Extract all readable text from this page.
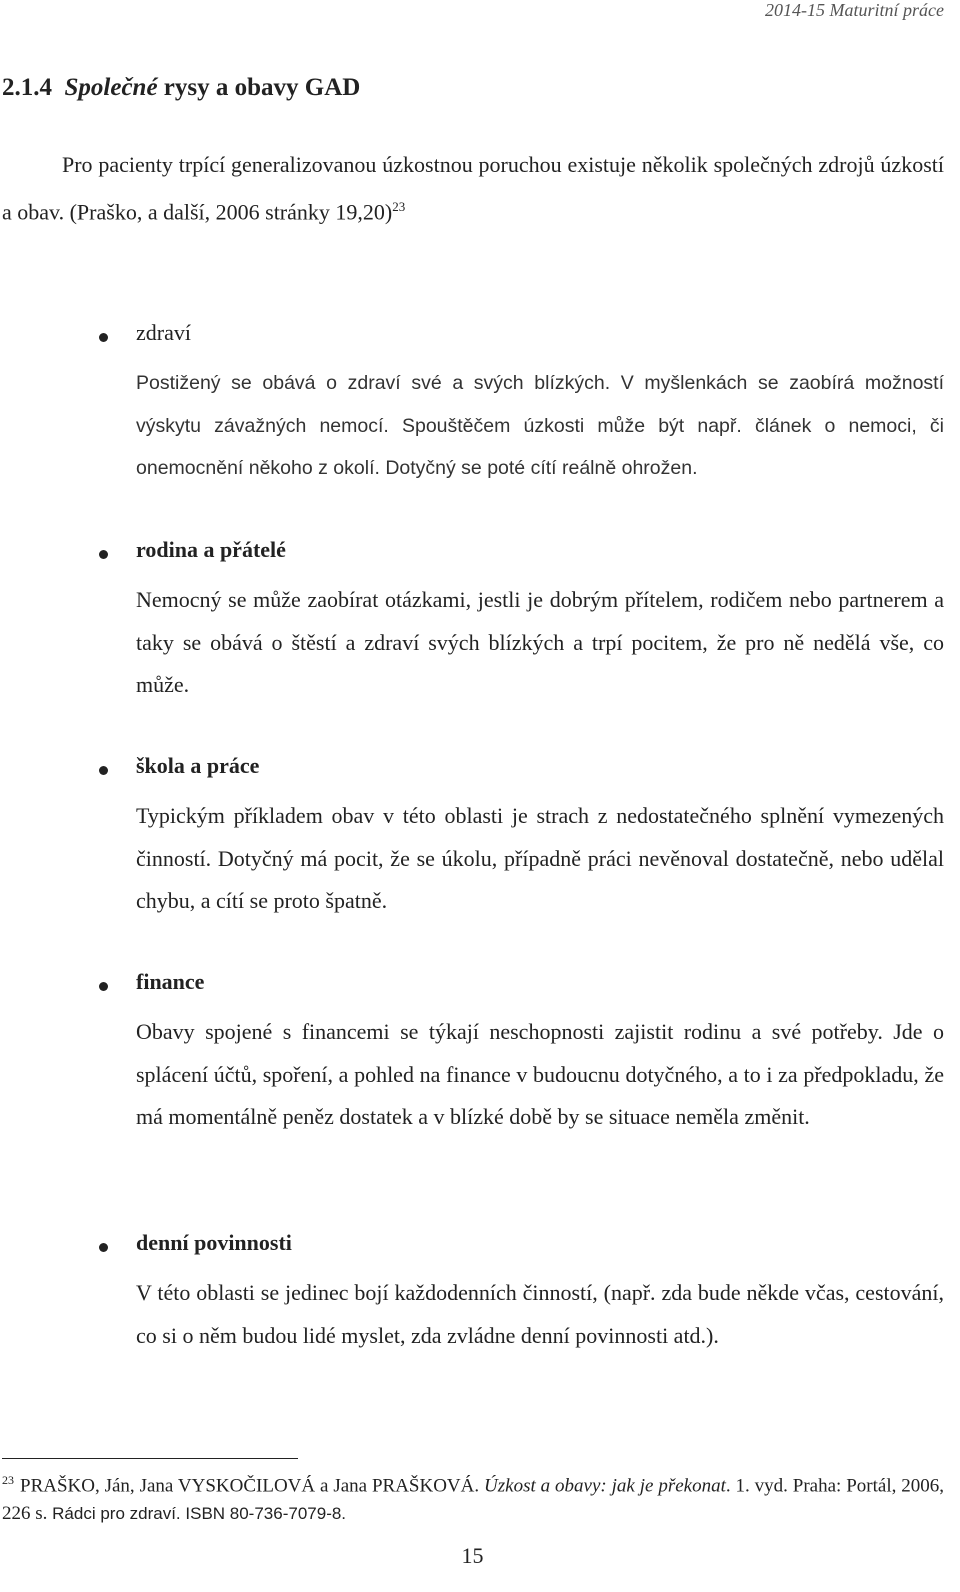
2014-15 Maturitní práce
2.1.4 Společné rysy a obavy GAD
Pro pacienty trpící generalizovanou úzkostnou poruchou existuje několik společných zdrojů úzkostí a obav. (Praško, a další, 2006 stránky 19,20)$^{23}$
zdraví
Postižený se obává o zdraví své a svých blízkých. V myšlenkách se zaobírá možností výskytu závažných nemocí. Spouštěčem úzkosti může být např. článek o nemoci, či onemocnění někoho z okolí. Dotyčný se poté cítí reálně ohrožen.
rodina a přátelé
Nemocný se může zaobírat otázkami, jestli je dobrým přítelem, rodičem nebo partnerem a taky se obává o štěstí a zdraví svých blízkých a trpí pocitem, že pro ně nedělá vše, co může.
škola a práce
Typickým příkladem obav v této oblasti je strach z nedostatečného splnění vymezených činností. Dotyčný má pocit, že se úkolu, případně práci nevěnoval dostatečně, nebo udělal chybu, a cítí se proto špatně.
finance
Obavy spojené s financemi se týkají neschopnosti zajistit rodinu a své potřeby. Jde o splácení účtů, spoření, a pohled na finance v budoucnu dotyčného, a to i za předpokladu, že má momentálně peněz dostatek a v blízké době by se situace neměla změnit.
denní povinnosti
V této oblasti se jedinec bojí každodenních činností, (např. zda bude někde včas, cestování, co si o něm budou lidé myslet, zda zvládne denní povinnosti atd.).
$^{23}$ PRAŠKO, Ján, Jana VYSKOČILOVÁ a Jana PRAŠKOVÁ. Úzkost a obavy: jak je překonat. 1. vyd. Praha: Portál, 2006, 226 s. Rádci pro zdraví. ISBN 80-736-7079-8.
15
